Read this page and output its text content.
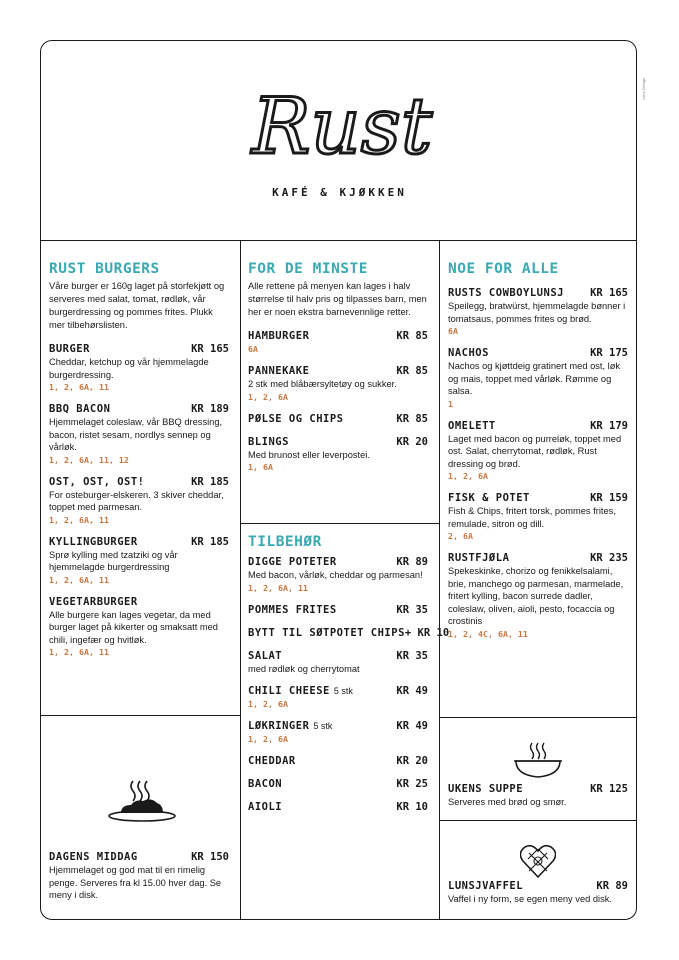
Lima Design
Rust
KAFÉ & KJØKKEN
RUST BURGERS

Våre burger er 160g laget på storfekjøtt og serveres med salat, tomat, rødløk, vår burgerdressing og pommes frites. Plukk mer tilbehørslisten.

BURGER	KR 165
Cheddar, ketchup og vår hjemmelagde burgerdressing.
1, 2, 6A, 11
BBQ BACON	KR 189
Hjemmelaget coleslaw, vår BBQ dressing, bacon, ristet sesam, nordlys sennep og vårløk.
1, 2, 6A, 11, 12
OST, OST, OST!	KR 185
For osteburger-elskeren. 3 skiver cheddar, toppet med parmesan.
1, 2, 6A, 11
KYLLINGBURGER	KR 185
Sprø kylling med tzatziki og vår hjemmelagde burgerdressing
1, 2, 6A, 11
VEGETARBURGER
Alle burgere kan lages vegetar, da med burger laget på kikerter og smaksatt med chili, ingefær og hvitløk.
1, 2, 6A, 11
DAGENS MIDDAG	KR 150
Hjemmelaget og god mat til en rimelig penge. Serveres fra kl 15.00 hver dag. Se meny i disk.
FOR DE MINSTE

Alle rettene på menyen kan lages i halv størrelse til halv pris og tilpasses barn, men her er noen ekstra barnevennlige retter.

HAMBURGER	KR 85
6A
PANNEKAKE	KR 85
2 stk med blåbærsyltetøy og sukker.
1, 2, 6A
PØLSE OG CHIPS	KR 85
BLINGS	KR 20
Med brunost eller leverpostei.
1, 6A
TILBEHØR
DIGGE POTETER	KR 89
Med bacon, vårløk, cheddar og parmesan!
1, 2, 6A, 11
POMMES FRITES	KR 35
BYTT TIL SØTPOTET CHIPS + KR 10
SALAT	KR 35
med rødløk og cherrytomat
CHILI CHEESE 5 stk	KR 49
1, 2, 6A
LØKRINGER 5 stk	KR 49
1, 2, 6A
CHEDDAR	KR 20
BACON	KR 25
AIOLI	KR 10
NOE FOR ALLE
RUSTS COWBOYLUNSJ KR 165
Speilegg, bratwürst, hjemmelagde bønner i tomatsaus, pommes frites og brød.
6A
NACHOS	KR 175
Nachos og kjøttdeig gratinert med ost, løk og mais, toppet med vårløk. Rømme og salsa.
1
OMELETT	KR 179
Laget med bacon og purreløk, toppet med ost. Salat, cherrytomat, rødløk, Rust dressing og brød.
1, 2, 6A
FISK & POTET	KR 159
Fish & Chips, fritert torsk, pommes frites, remulade, sitron og dill.
2, 6A
RUSTFJØLA	KR 235
Spekeskinke, chorizo og fenikkelsalami, brie, manchego og parmesan, marmelade, fritert kylling, bacon surrede dadler, coleslaw, oliven, aioli, pesto, focaccia og crostinis
1, 2, 4C, 6A, 11
UKENS SUPPE	KR 125
Serveres med brød og smør.
LUNSJVAFFEL	KR 89
Vaffel i ny form, se egen meny ved disk.
